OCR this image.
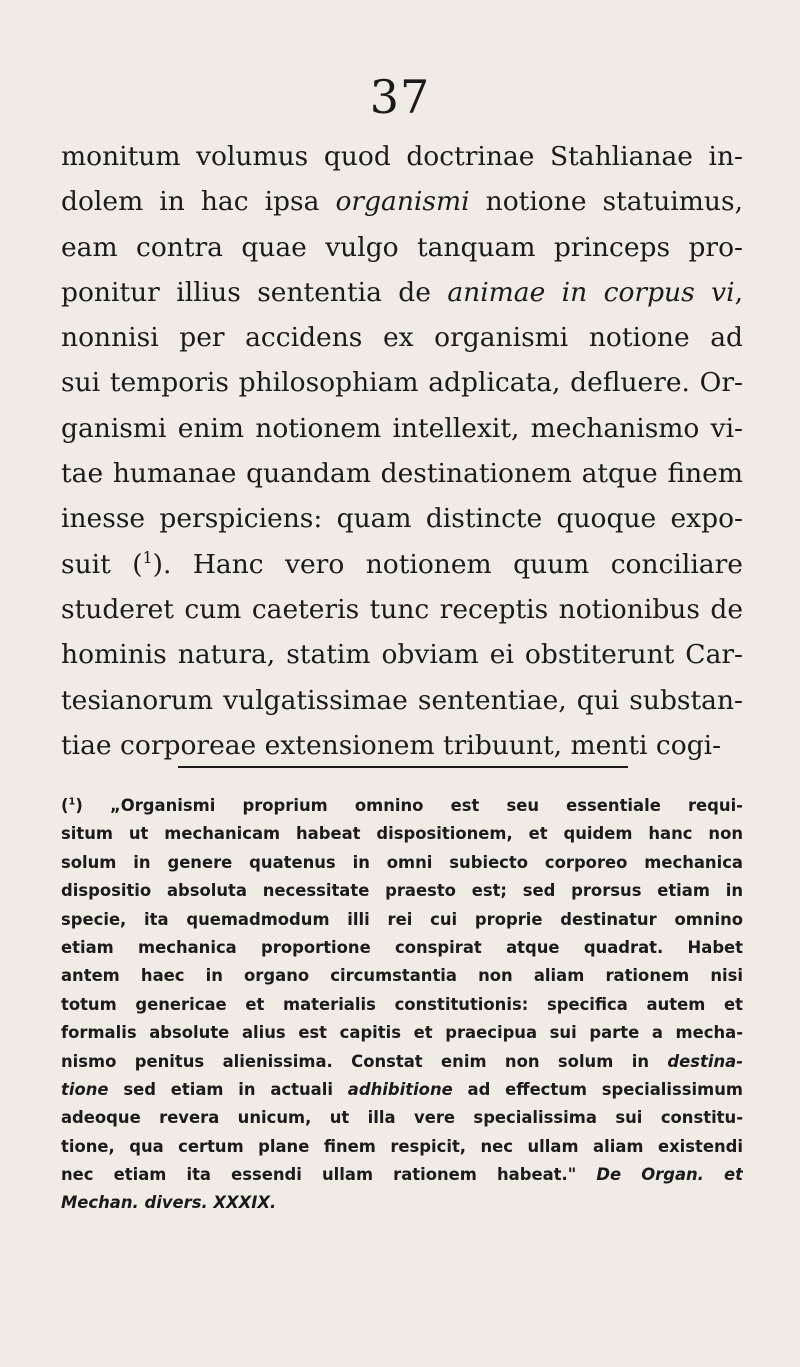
37
monitum volumus quod doctrinae Stahlianae in-
dolem in hac ipsa organismi notione statuimus,
eam contra quae vulgo tanquam princeps pro-
ponitur illius sententia de animae in corpus vi,
nonnisi per accidens ex organismi notione ad
sui temporis philosophiam adplicata, defluere. Or-
ganismi enim notionem intellexit, mechanismo vi-
tae humanae quandam destinationem atque finem
inesse perspiciens: quam distincte quoque expo-
suit ($^1$). Hanc vero notionem quum conciliare
studeret cum caeteris tunc receptis notionibus de
hominis natura, statim obviam ei obstiterunt Car-
tesianorum vulgatissimae sententiae, qui substan-
tiae corporeae extensionem tribuunt, menti cogi-
($^1$) „Organismi proprium omnino est seu essentiale requi-
situm ut mechanicam habeat dispositionem, et quidem hanc non
solum in genere quatenus in omni subiecto corporeo mechanica
dispositio absoluta necessitate praesto est; sed prorsus etiam in
specie, ita quemadmodum illi rei cui proprie destinatur omnino
etiam mechanica proportione conspirat atque quadrat. Habet
antem haec in organo circumstantia non aliam rationem nisi
totum genericae et materialis constitutionis: specifica autem et
formalis absolute alius est capitis et praecipua sui parte a mecha-
nismo penitus alienissima. Constat enim non solum in destina-
tione sed etiam in actuali adhibitione ad effectum specialissimum
adeoque revera unicum, ut illa vere specialissima sui constitu-
tione, qua certum plane finem respicit, nec ullam aliam existendi
nec etiam ita essendi ullam rationem habeat." De Organ. et
Mechan. divers. XXXIX.
